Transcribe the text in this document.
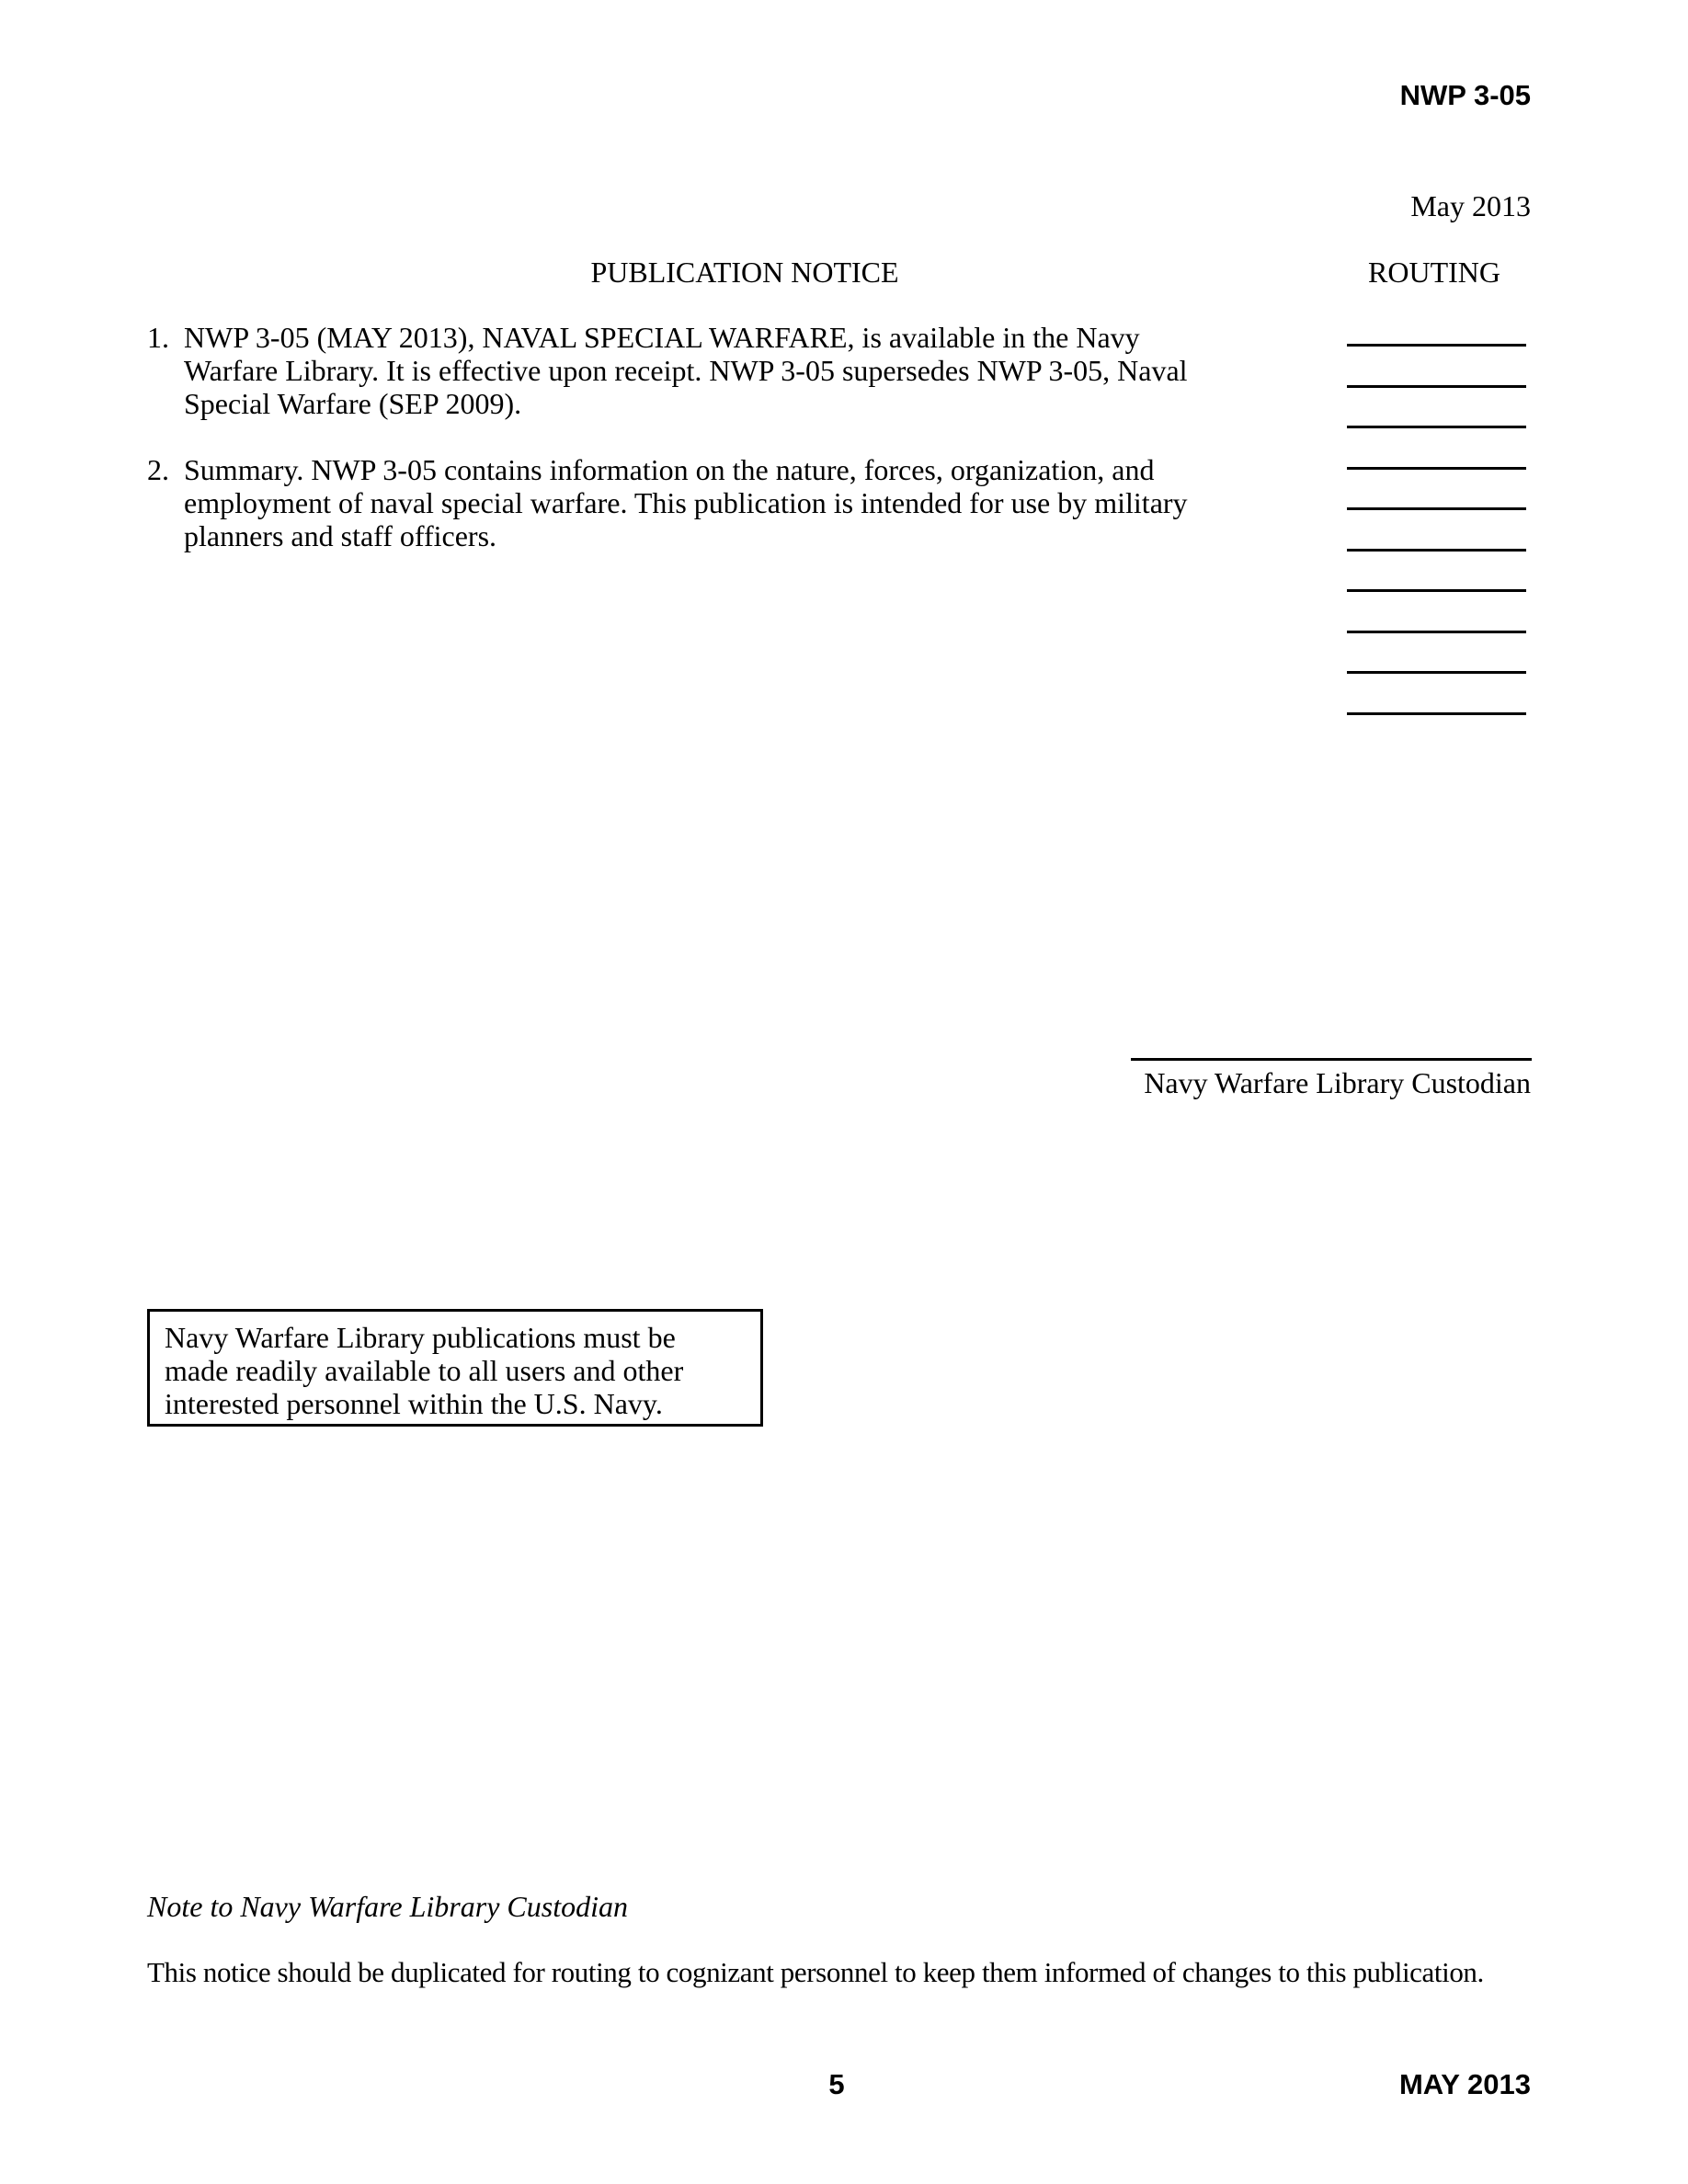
NWP 3-05
May 2013
PUBLICATION NOTICE	ROUTING
1. NWP 3-05 (MAY 2013), NAVAL SPECIAL WARFARE, is available in the Navy
Warfare Library. It is effective upon receipt. NWP 3-05 supersedes NWP 3-05, Naval
Special Warfare (SEP 2009).
2. Summary. NWP 3-05 contains information on the nature, forces, organization, and
employment of naval special warfare. This publication is intended for use by military
planners and staff officers.
Navy Warfare Library Custodian
Navy Warfare Library publications must be
made readily available to all users and other
interested personnel within the U.S. Navy.
Note to Navy Warfare Library Custodian
This notice should be duplicated for routing to cognizant personnel to keep them informed of changes to this publication.
5	MAY 2013
